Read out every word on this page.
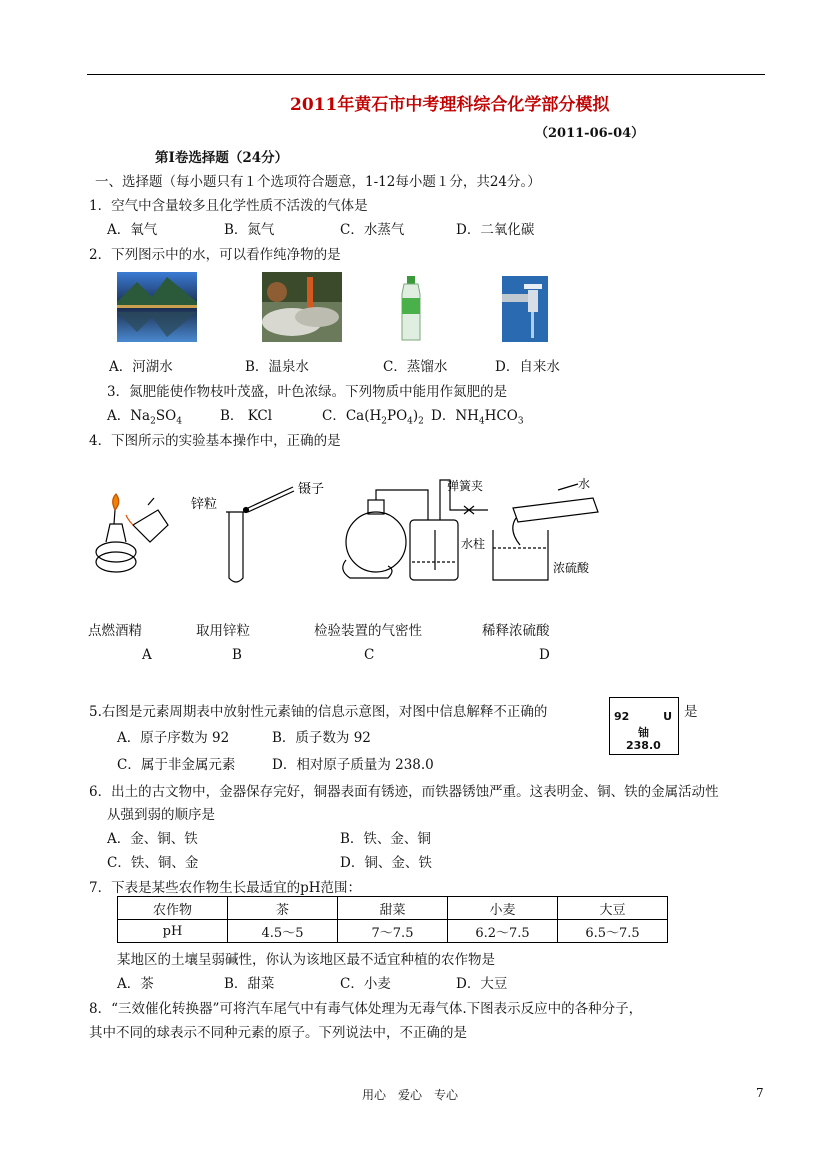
2011年黄石市中考理科综合化学部分模拟
（2011-06-04）
第Ⅰ卷选择题（24分）
一、选择题（每小题只有１个选项符合题意，1-12每小题１分，共24分。）
1．空气中含量较多且化学性质不活泼的气体是
A．氧气	B．氮气	C．水蒸气	D．二氧化碳
2．下列图示中的水，可以看作纯净物的是
A．河湖水	B．温泉水	C．蒸馏水	D．自来水
3．氮肥能使作物枝叶茂盛，叶色浓绿。下列物质中能用作氮肥的是
A．$Na_2SO_4$	B． KCl	C．$Ca(H_2PO_4)_2$ D．$NH_4HCO_3$
4．下图所示的实验基本操作中，正确的是
锌粒
镊子	弹簧夹
水柱
水
浓硫酸
点燃酒精	取用锌粒	检验装置的气密性	稀释浓硫酸
A	B	C	D
5.右图是元素周期表中放射性元素铀的信息示意图，对图中信息解释不正确的	92	U
铀
238.0
是
A．原子序数为 92	B．质子数为 92
C．属于非金属元素	D．相对原子质量为 238.0
6．出土的古文物中，金器保存完好，铜器表面有锈迹，而铁器锈蚀严重。这表明金、铜、铁的金属活动性
从强到弱的顺序是
A．金、铜、铁	B．铁、金、铜
C．铁、铜、金	D．铜、金、铁
7．下表是某些农作物生长最适宜的pH范围：
农作物	茶	甜菜	小麦	大豆
pH	4.5～5	7～7.5	6.2～7.5	6.5～7.5
某地区的土壤呈弱碱性，你认为该地区最不适宜种植的农作物是
A．茶	B．甜菜	C．小麦	D．大豆
8．“三效催化转换器”可将汽车尾气中有毒气体处理为无毒气体.下图表示反应中的各种分子，
其中不同的球表示不同种元素的原子。下列说法中，不正确的是
用心　爱心　专心	7
